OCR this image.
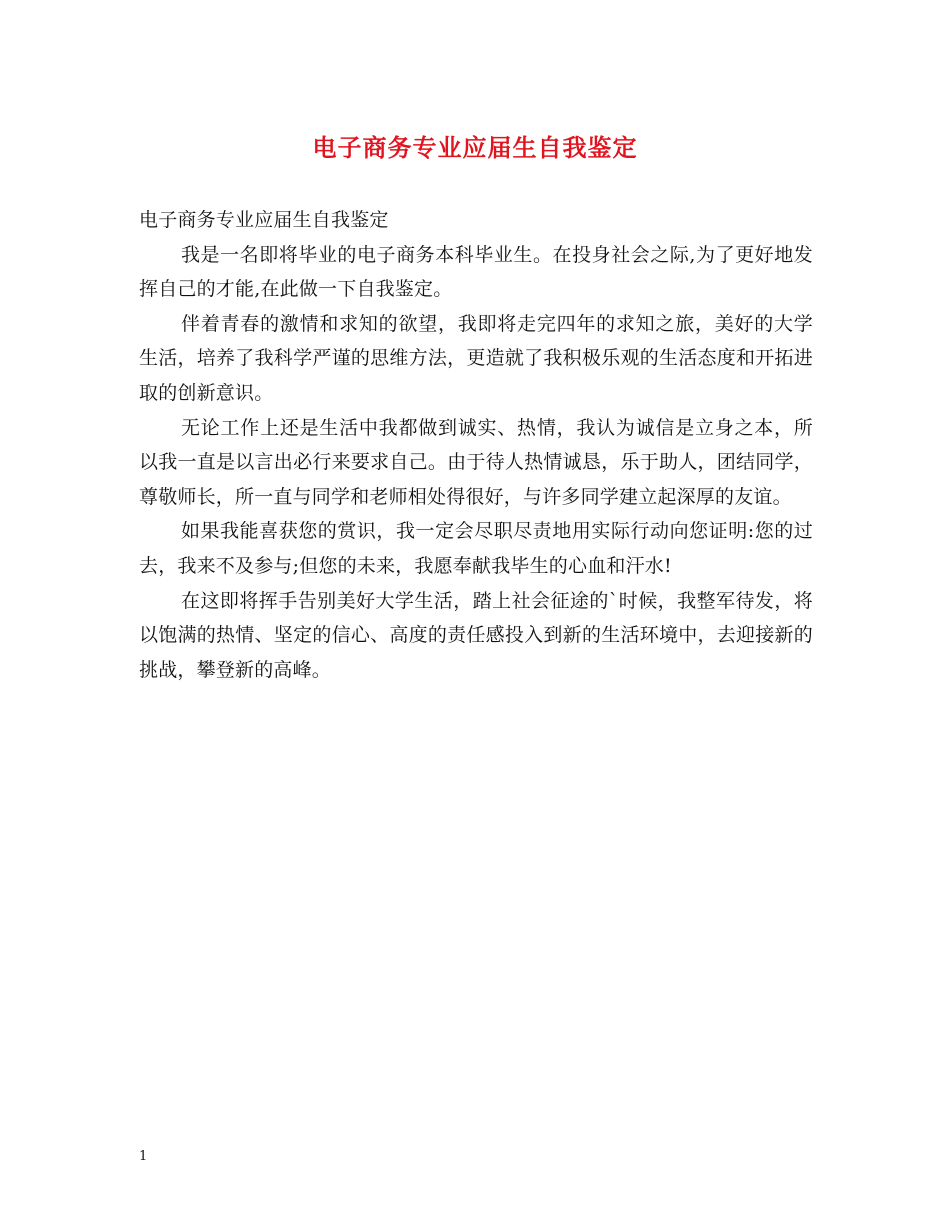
电子商务专业应届生自我鉴定

电子商务专业应届生自我鉴定

我是一名即将毕业的电子商务本科毕业生。在投身社会之际,为了更好地发挥自己的才能,在此做一下自我鉴定。

伴着青春的激情和求知的欲望，我即将走完四年的求知之旅，美好的大学生活，培养了我科学严谨的思维方法，更造就了我积极乐观的生活态度和开拓进取的创新意识。

无论工作上还是生活中我都做到诚实、热情，我认为诚信是立身之本，所以我一直是以言出必行来要求自己。由于待人热情诚恳，乐于助人，团结同学，尊敬师长，所一直与同学和老师相处得很好，与许多同学建立起深厚的友谊。

如果我能喜获您的赏识，我一定会尽职尽责地用实际行动向您证明:您的过去，我来不及参与;但您的未来，我愿奉献我毕生的心血和汗水!

在这即将挥手告别美好大学生活，踏上社会征途的`时候，我整军待发，将以饱满的热情、坚定的信心、高度的责任感投入到新的生活环境中，去迎接新的挑战，攀登新的高峰。

1
